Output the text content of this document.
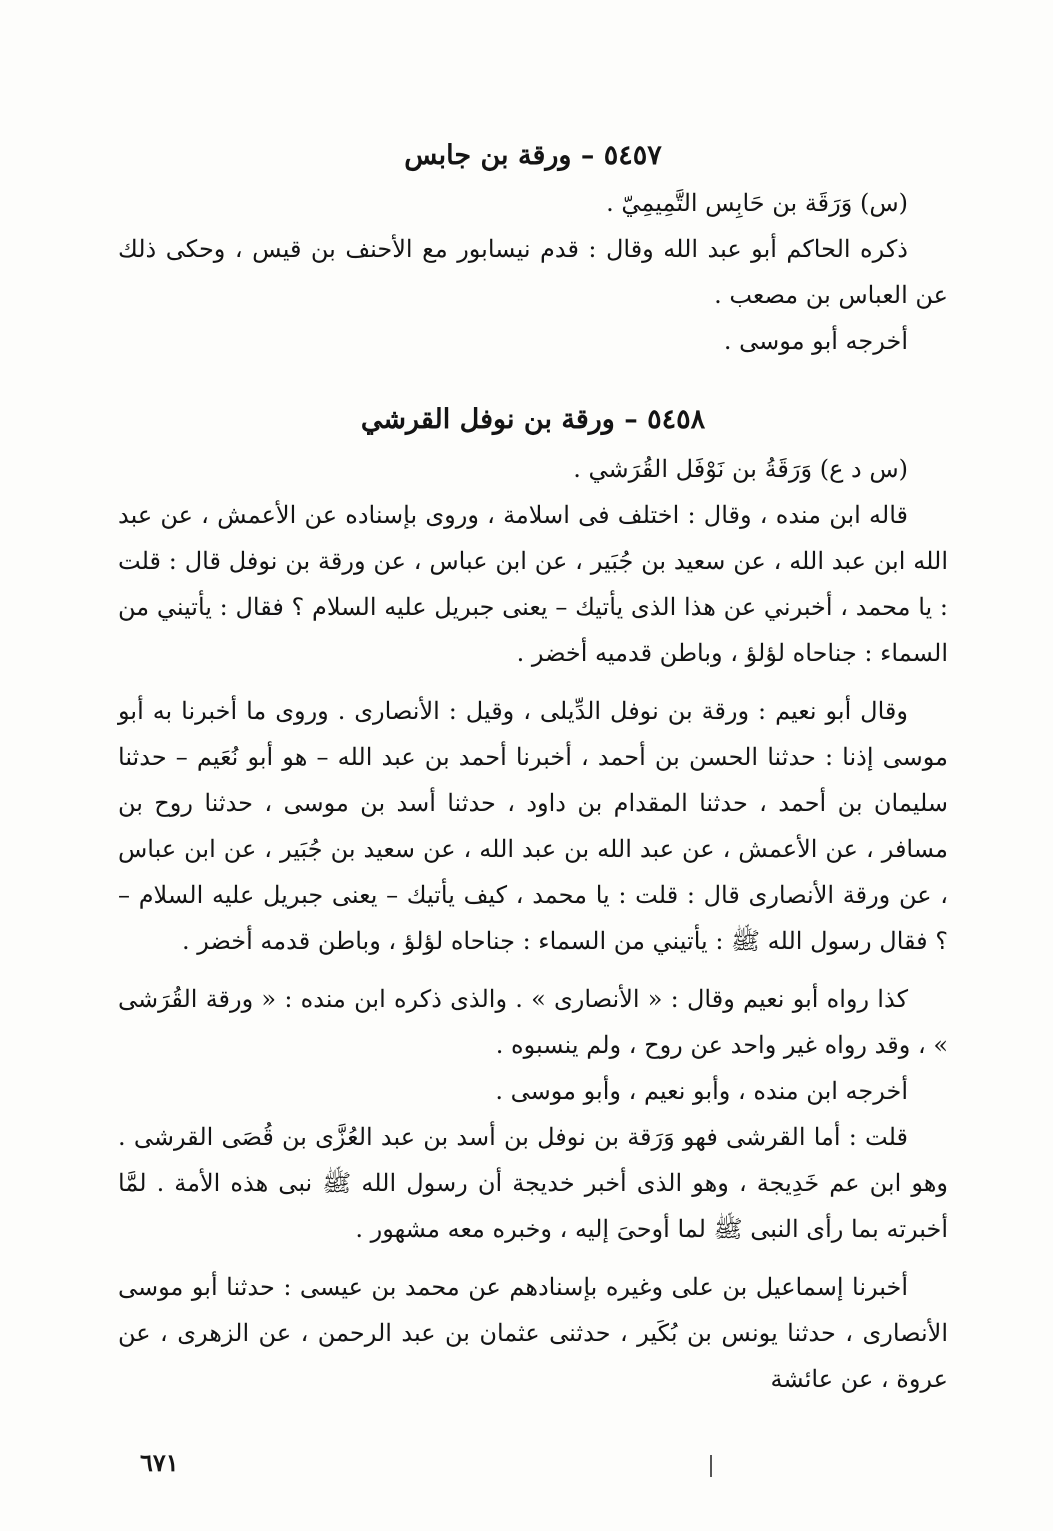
٥٤٥٧ – ورقة بن جابس

(س) وَرَقَة بن حَابِس التَّمِيمِيّ .

ذكره الحاكم أبو عبد الله وقال : قدم نيسابور مع الأحنف بن قيس ، وحكى ذلك عن العباس بن مصعب .

أخرجه أبو موسى .

٥٤٥٨ – ورقة بن نوفل القرشي

(س د ع) وَرَقَةُ بن نَوْفَل القُرَشي .

قاله ابن منده ، وقال : اختلف فى اسلامة ، وروى بإسناده عن الأعمش ، عن عبد الله ابن عبد الله ، عن سعيد بن جُبَير ، عن ابن عباس ، عن ورقة بن نوفل قال : قلت : يا محمد ، أخبرني عن هذا الذى يأتيك – يعنى جبريل عليه السلام ؟ فقال : يأتيني من السماء : جناحاه لؤلؤ ، وباطن قدميه أخضر .

وقال أبو نعيم : ورقة بن نوفل الدِّيلى ، وقيل : الأنصارى . وروى ما أخبرنا به أبو موسى إذنا : حدثنا الحسن بن أحمد ، أخبرنا أحمد بن عبد الله – هو أبو نُعَيم – حدثنا سليمان بن أحمد ، حدثنا المقدام بن داود ، حدثنا أسد بن موسى ، حدثنا روح بن مسافر ، عن الأعمش ، عن عبد الله بن عبد الله ، عن سعيد بن جُبَير ، عن ابن عباس ، عن ورقة الأنصارى قال : قلت : يا محمد ، كيف يأتيك – يعنى جبريل عليه السلام – ؟ فقال رسول الله ﷺ : يأتيني من السماء : جناحاه لؤلؤ ، وباطن قدمه أخضر .

كذا رواه أبو نعيم وقال : « الأنصارى » . والذى ذكره ابن منده : « ورقة القُرَشى » ، وقد رواه غير واحد عن روح ، ولم ينسبوه .

أخرجه ابن منده ، وأبو نعيم ، وأبو موسى .

قلت : أما القرشى فهو وَرَقة بن نوفل بن أسد بن عبد العُزَّى بن قُصَى القرشى . وهو ابن عم خَدِيجة ، وهو الذى أخبر خديجة أن رسول الله ﷺ نبى هذه الأمة . لمَّا أخبرته بما رأى النبى ﷺ لما أوحىَ إليه ، وخبره معه مشهور .

أخبرنا إسماعيل بن على وغيره بإسنادهم عن محمد بن عيسى : حدثنا أبو موسى الأنصارى ، حدثنا يونس بن بُكَير ، حدثنى عثمان بن عبد الرحمن ، عن الزهرى ، عن عروة ، عن عائشة

٦٧١
